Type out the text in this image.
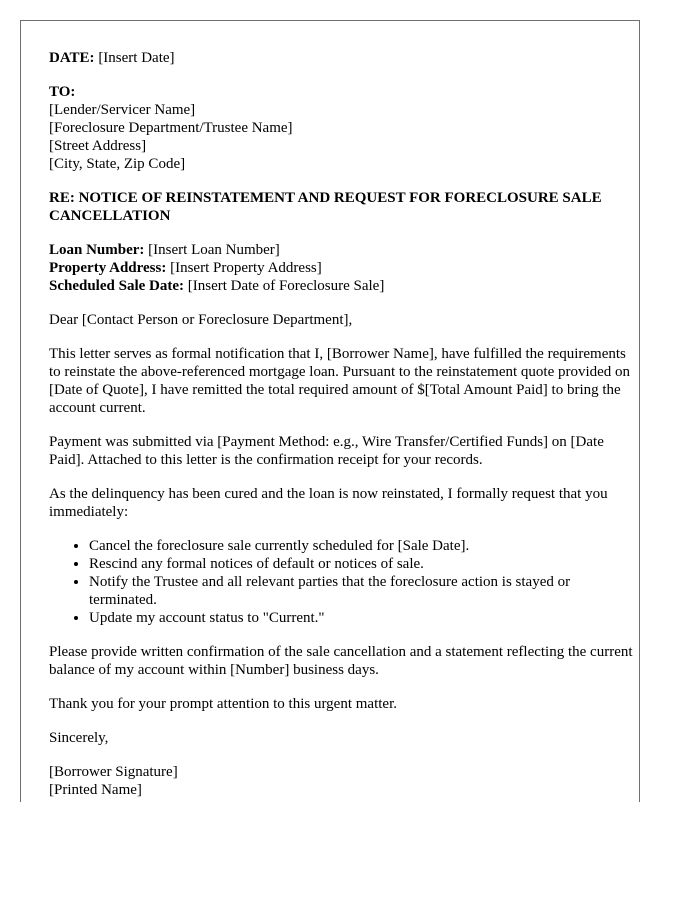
DATE: [Insert Date]

TO:
[Lender/Servicer Name]
[Foreclosure Department/Trustee Name]
[Street Address]
[City, State, Zip Code]

RE: NOTICE OF REINSTATEMENT AND REQUEST FOR FORECLOSURE SALE CANCELLATION

Loan Number: [Insert Loan Number]
Property Address: [Insert Property Address]
Scheduled Sale Date: [Insert Date of Foreclosure Sale]

Dear [Contact Person or Foreclosure Department],

This letter serves as formal notification that I, [Borrower Name], have fulfilled the requirements to reinstate the above-referenced mortgage loan. Pursuant to the reinstatement quote provided on [Date of Quote], I have remitted the total required amount of $[Total Amount Paid] to bring the account current.

Payment was submitted via [Payment Method: e.g., Wire Transfer/Certified Funds] on [Date Paid]. Attached to this letter is the confirmation receipt for your records.

As the delinquency has been cured and the loan is now reinstated, I formally request that you immediately:

• Cancel the foreclosure sale currently scheduled for [Sale Date].
• Rescind any formal notices of default or notices of sale.
• Notify the Trustee and all relevant parties that the foreclosure action is stayed or terminated.
• Update my account status to "Current."

Please provide written confirmation of the sale cancellation and a statement reflecting the current balance of my account within [Number] business days.

Thank you for your prompt attention to this urgent matter.

Sincerely,

[Borrower Signature]
[Printed Name]
